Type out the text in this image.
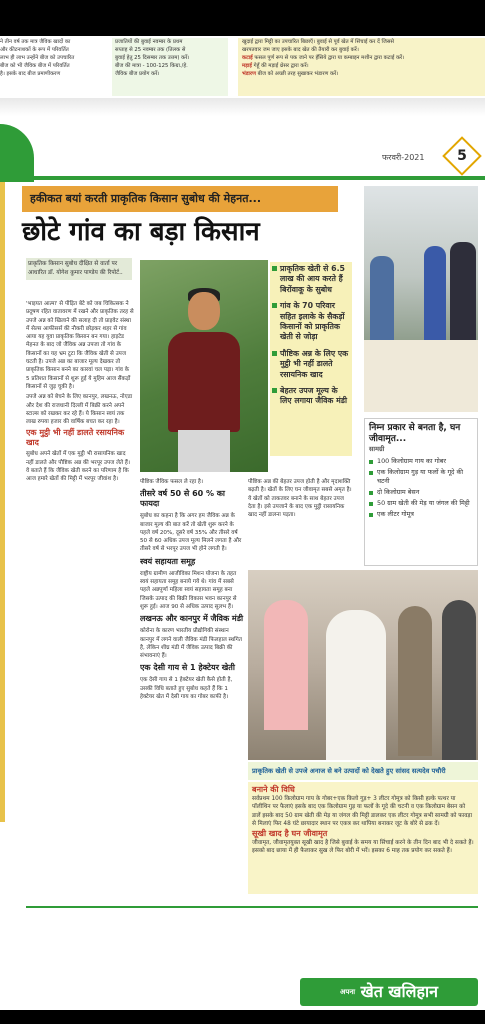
ने तीन वर्ष तक मात्र जैविक खादों का
और कीटनाशकों के रूप में परिवर्तित
लाभ ही लाभ उन्होंने बीज को उपचारित
बीज को भी जैविक बीज में परिवर्तित
है। इसके बाद बीज प्रमाणीकरण
प्रजातियों की बुवाई नवम्बर के प्रथम
सप्ताह से 25 नवम्बर तक (तिलक से
बुवाई हेतु 25 दिसम्बर तक उत्तम) करें।
बीज की मात्रा - 100-125 किग्रा./हे.
जैविक बीज प्रयोग करें।
खुदाई द्वारा मिट्टी का उपचारित बिछाएँ। बुवाई से पूर्व खेत में सिंचाई कर दें जिससे
खरपतवार जम जाए इसके बाद खेत की तैयारी कर बुवाई करें।
कटाई फसल पूर्ण रूप से पक जाने पर हँसिये द्वारा या कम्बाइन मशीन द्वारा कटाई करें।
मड़ाई गेहूँ की मड़ाई थ्रेसर द्वारा करें।
भंडारण बीज को अच्छी तरह सुखाकर भंडारण करें।
फरवरी-2021	5
हकीकत बयां करती प्राकृतिक किसान सुबोध की मेहनत...
छोटे गांव का बड़ा किसान
प्राकृतिक किसान सुबोध दीक्षित से वार्ता पर आधारित डॉ. योगेश कुमार पाण्डेय की रिपोर्ट..

'भाइयत आत्मा' से पीड़ित बेटे को जब चिकित्सक ने प्रदूषण रहित वातावरण में रखने और प्राकृतिक तरह से उपजे अन्न को खिलाने की सलाह दी तो प्राइवेट संस्था में सेल्स आफीसर्स की नौकरी छोड़कर शहर से गांव आया यह युवा प्राकृतिक किसान बन गया। हाइटेड मेहनत के बाद जो जैविक अन्न उपजा तो गांव के किसानों का यह भ्रम टूटा कि जैविक खेती से उपज घटती है। उपजे अन्न का बाजार मूल्य देखकर तो प्राकृतिक किसान बनने का कारवां चल पड़ा। गांव के 5 प्रतिशत किसानों से शुरू हुई ये मुहिम आज सैंकड़ों किसानों से जुड़ चुकी है।

उपजे अन्न को बेचने के लिए कानपुर, लखनऊ, नोएडा और देश की राजधानी दिल्ली में बिक्री करने अपने स्टाल्स को रखकर कर रहे हैं। ये किसान स्वयं तक लाख रुपया हजार की वार्षिक बचत कर रहा है।

एक मुट्ठी भी नहीं डालते रसायनिक खाद

सुबोध अपने खेतों में एक मुट्ठी भी रासायनिक खाद नहीं डालते और पौष्टिक अन्न की भरपूर उपज लेते हैं। वे बताते हैं कि जैविक खेती करने का परिणाम है कि आज हमारे खेतों की मिट्टी में भरपूर जीवांश है।

प्राकृतिक खेती से 6.5 लाख की आय करते हैं बिरोंवाकू के सुबोध
गांव के 70 परिवार सहित इलाके के सैकड़ों किसानों को प्राकृतिक खेती से जोड़ा
पौष्टिक अन्न के लिए एक मुट्ठी भी नहीं डालते रसायनिक खाद
बेहतर उपज मूल्य के लिए लगाया जैविक मंडी

पौष्टिक जैविक फसल ले रहा है।

तीसरे वर्ष 50 से 60 % का फायदा

सुबोध का कहना है कि अगर हम जैविक अन्न के बाजार मूल्य की बात करें तो खेती शुरू करने के पहले वर्ष 20%, दूसरे वर्ष 35% और तीसरे वर्ष 50 से 60 अधिक उपज मूल्य मिलने लगता है और तीसरे वर्ष से भरपूर उपज भी होने लगती है।

स्वयं सहायता समूह

राष्ट्रीय ग्रामीण आजीविका मिशन योजना के तहत स्वयं सहायता समूह बनाये गये थे। गांव में सबसे पहले अन्नपूर्णा महिला स्वयं सहायता समूह बना जिसके उत्पाद की बिक्री विकास भवन कानपुर से शुरू हुई। आज 90 से अधिक उत्पाद सुलभ हैं।

लखनऊ और कानपुर में जैविक मंडी

कोरोना के कारण भारतीय प्रौद्योगिकी संस्थान कानपुर में लगने वाली जैविक मंडी फिलहाल स्थगित है, लेकिन शीघ्र मंडी में जैविक उत्पाद बिक्री की संभावनाएं हैं।

एक देसी गाय से 1 हेक्टेयर खेती

एक देसी गाय से 1 हेक्टेयर खेती कैसे होती है, उसकी विधि बताते हुए सुबोध कहते हैं कि 1 हेक्टेयर खेत में देसी गाय का गोबर काफी है।

पौष्टिक अन्न की बेहतर उपज होती है और मृदाशक्ति बढ़ती है। खेतों के लिए घन जीवामृत सबसे अमृत है। ये खेतों को ताकतवर बनाने के साथ बेहतर उपज देता है। इसे उपजाने के बाद एक मुट्ठी रासायनिक खाद नहीं डालना पड़ता।

निम्न प्रकार से बनता है, घन जीवामृत...
सामग्री
100 किलोग्राम गाय का गोबर
एक किलोग्राम गुड़ या फलों के गूदे की चटनी
दो किलोग्राम बेसन
50 ग्राम खेती की मेड़ या जंगल की मिट्टी
एक लीटर गोमूत्र
प्राकृतिक खेती से उपजे अनाज से बने उत्पादों को देखते हुए सांसद सत्यदेव पचौरी
बनाने की विधि

सर्वप्रथम 100 किलोग्राम गाय के गोबर+एक किलो गुड़+ 3 लीटर गोमूत्र को किसी हल्के पत्थर या पॉलीथिन पर फैलाएं इसके बाद एक किलोग्राम गुड़ या फलों के गूदे की चटनी व एक किलोग्राम बेसन को डालें इसके बाद 50 ग्राम खेती की मेड़ या जंगल की मिट्टी डालकर एक लीटर गोमूत्र सभी सामग्री को फावड़ा से मिलाएं फिर 48 घंटे छायादार स्थान पर एकत्र कर थापिया बनाकर जूट के बोरे से ढक दें।

सूखी खाद है घन जीवामृत

जीवामृत, जीवामृतयुक्त सूखी खाद है जिसे बुवाई के समय या सिंचाई करने के तीन दिन बाद भी दे सकते हैं। इसको बाद छाया में ही फैलाकर सुख ले फिर बोरी में भरें। इसका 6 माह तक प्रयोग कर सकते हैं।

$^{अपना}$ खेत खलिहान
